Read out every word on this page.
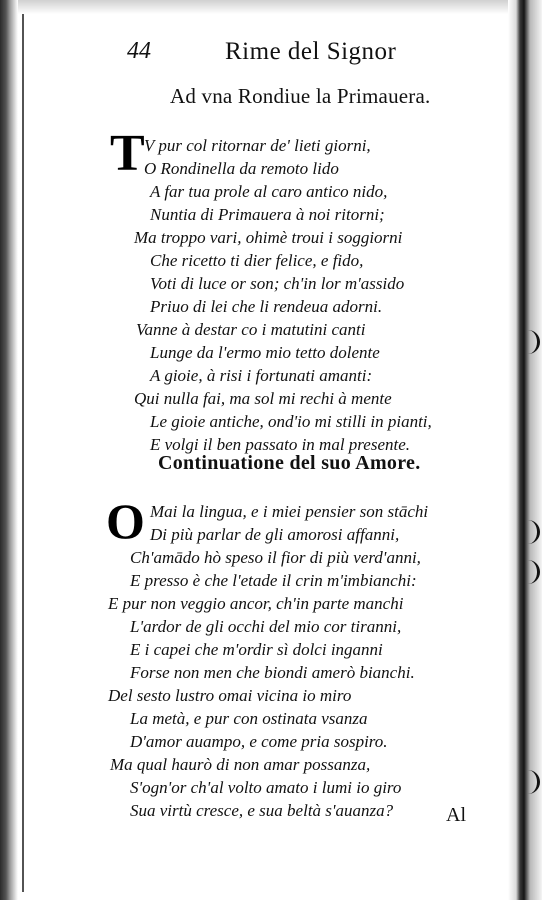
44	Rime del Signor
Ad vna Rondiue la Primauera.
T V pur col ritornar de' lieti giorni,
O Rondinella da remoto lido
A far tua prole al caro antico nido,
Nuntia di Primauera à noi ritorni;
Ma troppo vari, ohimè troui i soggiorni
Che ricetto ti dier felice, e fido,
Voti di luce or son; ch'in lor m'assido
Priuo di lei che li rendeua adorni.
Vanne à destar co i matutini canti
Lunge da l'ermo mio tetto dolente
A gioie, à risi i fortunati amanti:
Qui nulla fai, ma sol mi rechi à mente
Le gioie antiche, ond'io mi stilli in pianti,
E volgi il ben passato in mal presente.
Continuatione del suo Amore.
O Mai la lingua, e i miei pensier son stāchi
Di più parlar de gli amorosi affanni,
Ch'amādo hò speso il fior di più verd'anni,
E presso è che l'etade il crin m'imbianchi:
E pur non veggio ancor, ch'in parte manchi
L'ardor de gli occhi del mio cor tiranni,
E i capei che m'ordir sì dolci inganni
Forse non men che biondi amerò bianchi.
Del sesto lustro omai vicina io miro
La metà, e pur con ostinata vsanza
D'amor auampo, e come pria sospiro.
Ma qual haurò di non amar possanza,
S'ogn'or ch'al volto amato i lumi io giro
Sua virtù cresce, e sua beltà s'auanza?	Al
